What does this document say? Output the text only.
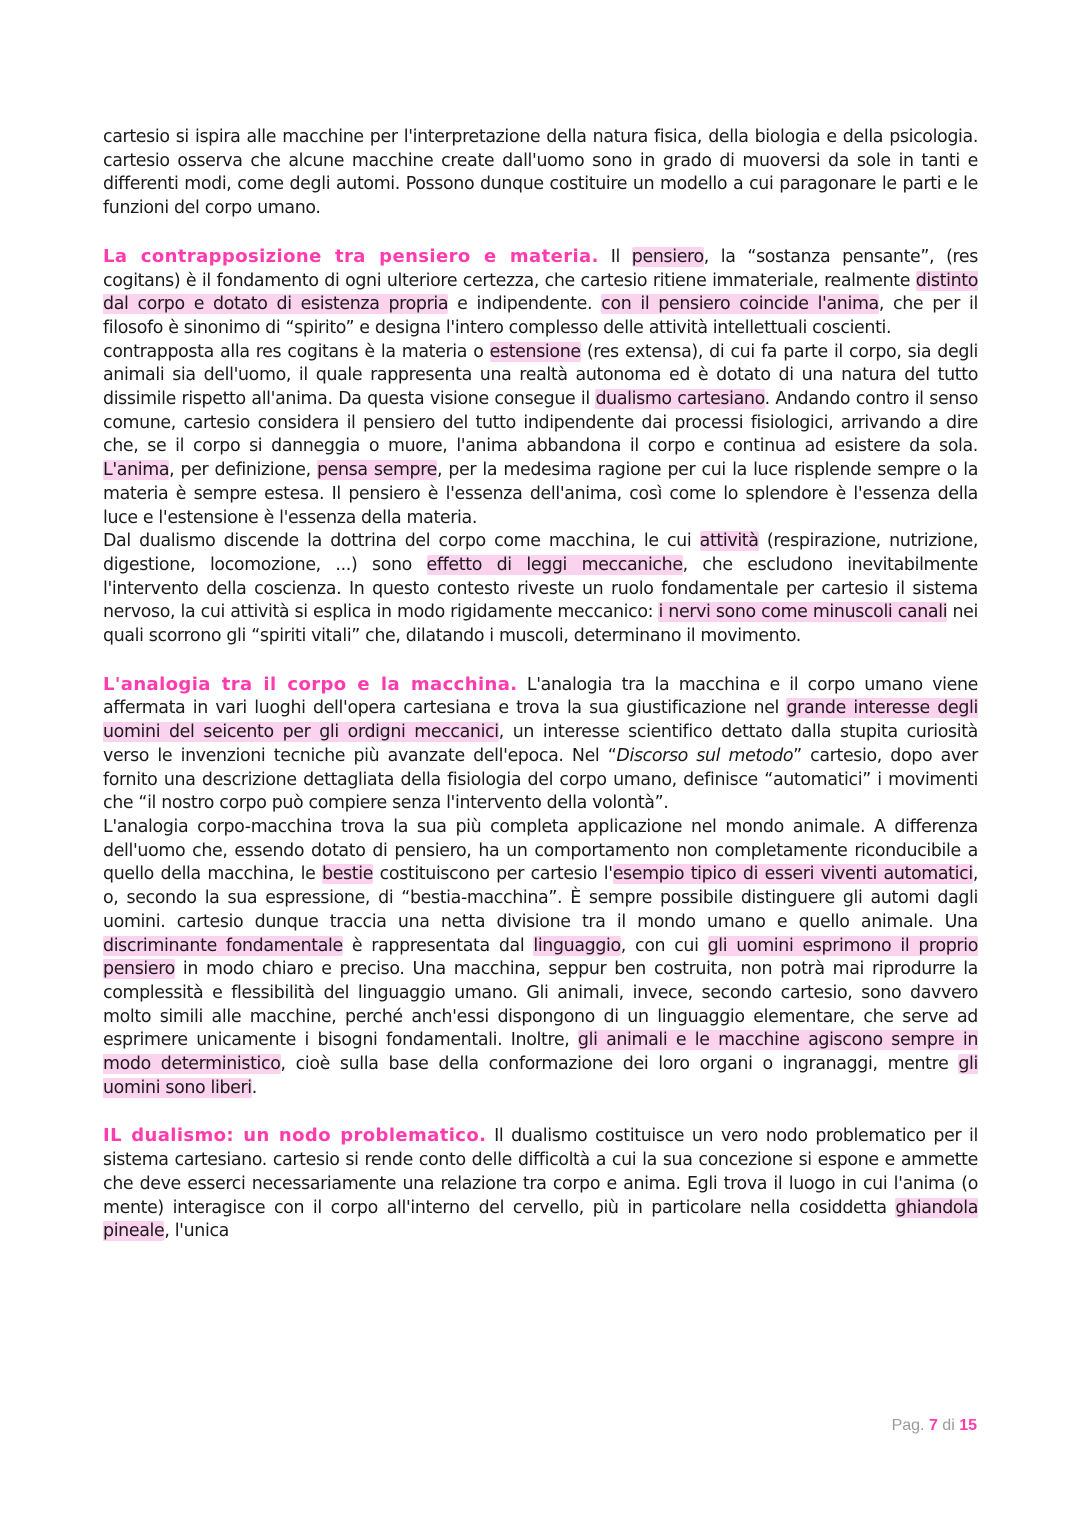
cartesio si ispira alle macchine per l'interpretazione della natura fisica, della biologia e della psicologia. cartesio osserva che alcune macchine create dall'uomo sono in grado di muoversi da sole in tanti e differenti modi, come degli automi. Possono dunque costituire un modello a cui paragonare le parti e le funzioni del corpo umano.

La contrapposizione tra pensiero e materia. Il pensiero, la “sostanza pensante”, (res cogitans) è il fondamento di ogni ulteriore certezza, che cartesio ritiene immateriale, realmente distinto dal corpo e dotato di esistenza propria e indipendente. con il pensiero coincide l'anima, che per il filosofo è sinonimo di “spirito” e designa l'intero complesso delle attività intellettuali coscienti.

contrapposta alla res cogitans è la materia o estensione (res extensa), di cui fa parte il corpo, sia degli animali sia dell'uomo, il quale rappresenta una realtà autonoma ed è dotato di una natura del tutto dissimile rispetto all'anima. Da questa visione consegue il dualismo cartesiano. Andando contro il senso comune, cartesio considera il pensiero del tutto indipendente dai processi fisiologici, arrivando a dire che, se il corpo si danneggia o muore, l'anima abbandona il corpo e continua ad esistere da sola. L'anima, per definizione, pensa sempre, per la medesima ragione per cui la luce risplende sempre o la materia è sempre estesa. Il pensiero è l'essenza dell'anima, così come lo splendore è l'essenza della luce e l'estensione è l'essenza della materia.

Dal dualismo discende la dottrina del corpo come macchina, le cui attività (respirazione, nutrizione, digestione, locomozione, ...) sono effetto di leggi meccaniche, che escludono inevitabilmente l'intervento della coscienza. In questo contesto riveste un ruolo fondamentale per cartesio il sistema nervoso, la cui attività si esplica in modo rigidamente meccanico: i nervi sono come minuscoli canali nei quali scorrono gli “spiriti vitali” che, dilatando i muscoli, determinano il movimento.

L'analogia tra il corpo e la macchina. L'analogia tra la macchina e il corpo umano viene affermata in vari luoghi dell'opera cartesiana e trova la sua giustificazione nel grande interesse degli uomini del seicento per gli ordigni meccanici, un interesse scientifico dettato dalla stupita curiosità verso le invenzioni tecniche più avanzate dell'epoca. Nel “Discorso sul metodo” cartesio, dopo aver fornito una descrizione dettagliata della fisiologia del corpo umano, definisce “automatici” i movimenti che “il nostro corpo può compiere senza l'intervento della volontà”.

L'analogia corpo-macchina trova la sua più completa applicazione nel mondo animale. A differenza dell'uomo che, essendo dotato di pensiero, ha un comportamento non completamente riconducibile a quello della macchina, le bestie costituiscono per cartesio l'esempio tipico di esseri viventi automatici, o, secondo la sua espressione, di “bestia-macchina”. È sempre possibile distinguere gli automi dagli uomini. cartesio dunque traccia una netta divisione tra il mondo umano e quello animale. Una discriminante fondamentale è rappresentata dal linguaggio, con cui gli uomini esprimono il proprio pensiero in modo chiaro e preciso. Una macchina, seppur ben costruita, non potrà mai riprodurre la complessità e flessibilità del linguaggio umano. Gli animali, invece, secondo cartesio, sono davvero molto simili alle macchine, perché anch'essi dispongono di un linguaggio elementare, che serve ad esprimere unicamente i bisogni fondamentali. Inoltre, gli animali e le macchine agiscono sempre in modo deterministico, cioè sulla base della conformazione dei loro organi o ingranaggi, mentre gli uomini sono liberi.

IL dualismo: un nodo problematico. Il dualismo costituisce un vero nodo problematico per il sistema cartesiano. cartesio si rende conto delle difficoltà a cui la sua concezione si espone e ammette che deve esserci necessariamente una relazione tra corpo e anima. Egli trova il luogo in cui l'anima (o mente) interagisce con il corpo all'interno del cervello, più in particolare nella cosiddetta ghiandola pineale, l'unica

Pag. 7 di 15
